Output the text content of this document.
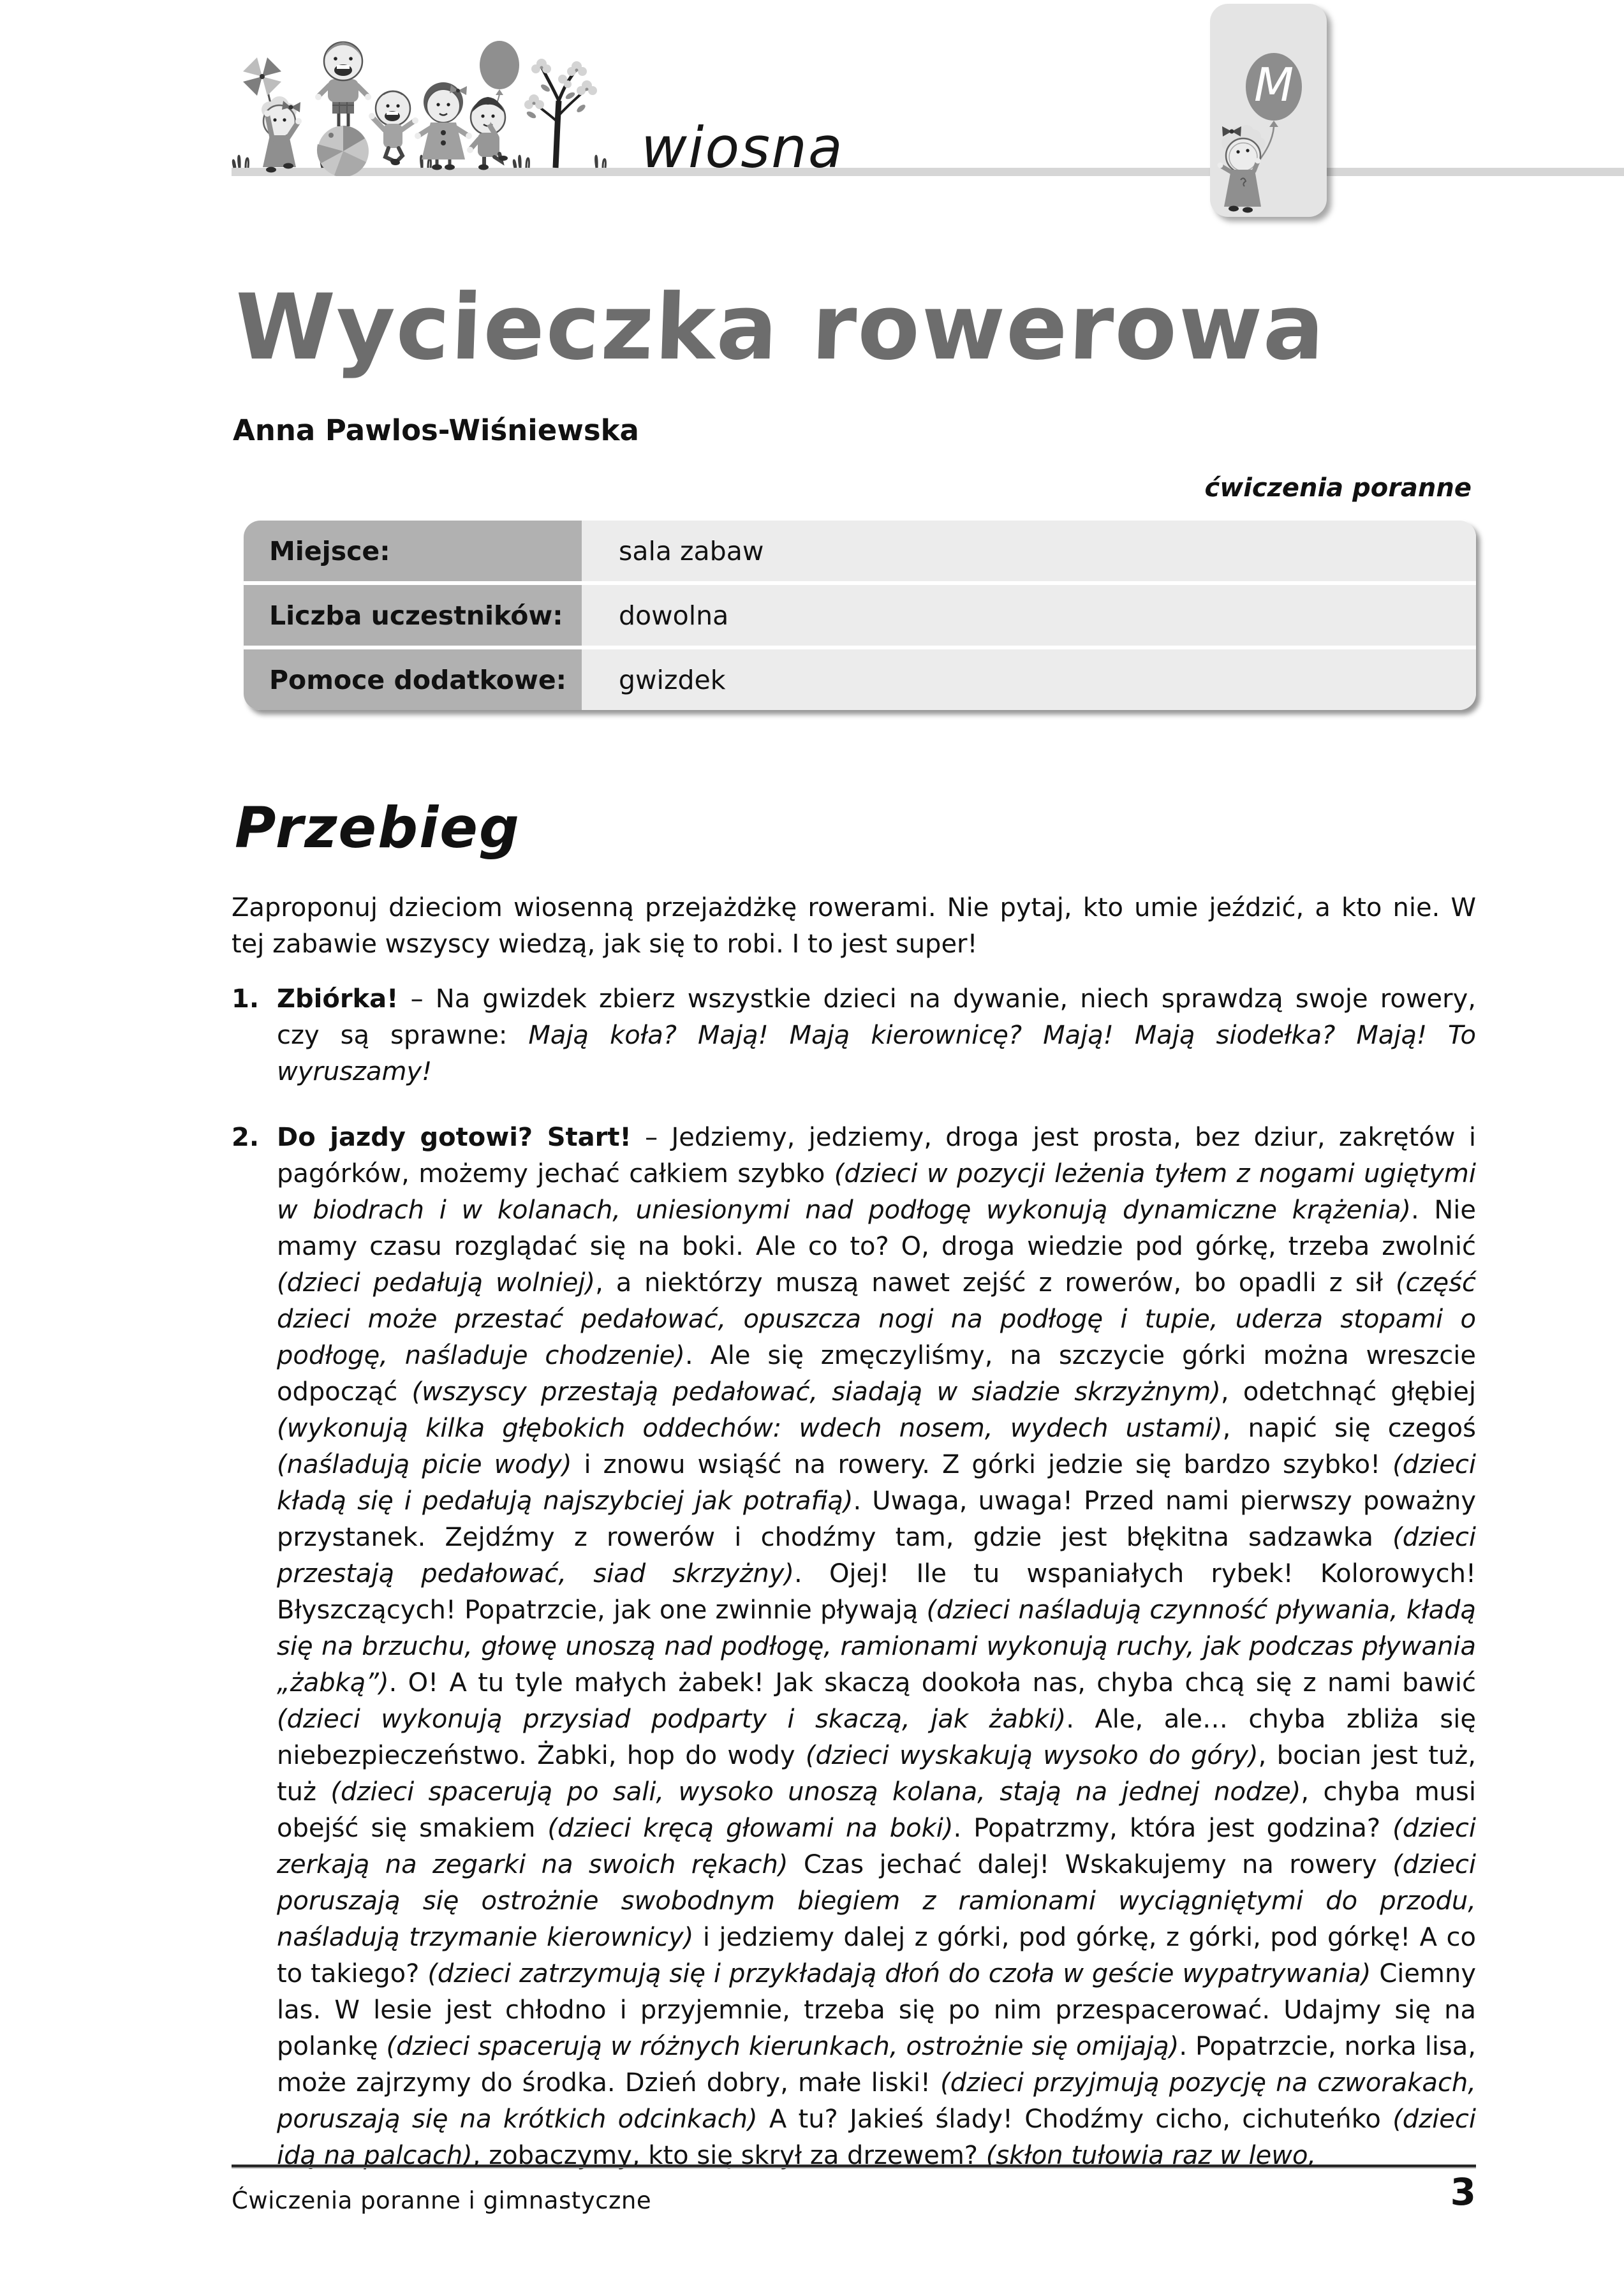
wiosna
M
Wycieczka rowerowa
Anna Pawlos-Wiśniewska
ćwiczenia poranne
Miejsce:	sala zabaw
Liczba uczestników:	dowolna
Pomoce dodatkowe:	gwizdek
Przebieg

Zaproponuj dzieciom wiosenną przejażdżkę rowerami. Nie pytaj, kto umie jeździć, a kto nie. W tej zabawie wszyscy wiedzą, jak się to robi. I to jest super!

1. Zbiórka! – Na gwizdek zbierz wszystkie dzieci na dywanie, niech sprawdzą swoje rowery, czy są sprawne: Mają koła? Mają! Mają kierownicę? Mają! Mają siodełka? Mają! To wyruszamy!
2. Do jazdy gotowi? Start! – Jedziemy, jedziemy, droga jest prosta, bez dziur, zakrętów i pagórków, możemy jechać całkiem szybko (dzieci w pozycji leżenia tyłem z nogami ugiętymi w biodrach i w kolanach, uniesionymi nad podłogę wykonują dynamiczne krążenia). Nie mamy czasu rozglądać się na boki. Ale co to? O, droga wiedzie pod górkę, trzeba zwolnić (dzieci pedałują wolniej), a niektórzy muszą nawet zejść z rowerów, bo opadli z sił (część dzieci może przestać pedałować, opuszcza nogi na podłogę i tupie, uderza stopami o podłogę, naśladuje chodzenie). Ale się zmęczyliśmy, na szczycie górki można wreszcie odpocząć (wszyscy przestają pedałować, siadają w siadzie skrzyżnym), odetchnąć głębiej (wykonują kilka głębokich oddechów: wdech nosem, wydech ustami), napić się czegoś (naśladują picie wody) i znowu wsiąść na rowery. Z górki jedzie się bardzo szybko! (dzieci kładą się i pedałują najszybciej jak potrafią). Uwaga, uwaga! Przed nami pierwszy poważny przystanek. Zejdźmy z rowerów i chodźmy tam, gdzie jest błękitna sadzawka (dzieci przestają pedałować, siad skrzyżny). Ojej! Ile tu wspaniałych rybek! Kolorowych! Błyszczących! Popatrzcie, jak one zwinnie pływają (dzieci naśladują czynność pływania, kładą się na brzuchu, głowę unoszą nad podłogę, ramionami wykonują ruchy, jak podczas pływania „żabką”). O! A tu tyle małych żabek! Jak skaczą dookoła nas, chyba chcą się z nami bawić (dzieci wykonują przysiad podparty i skaczą, jak żabki). Ale, ale… chyba zbliża się niebezpieczeństwo. Żabki, hop do wody (dzieci wyskakują wysoko do góry), bocian jest tuż, tuż (dzieci spacerują po sali, wysoko unoszą kolana, stają na jednej nodze), chyba musi obejść się smakiem (dzieci kręcą głowami na boki). Popatrzmy, która jest godzina? (dzieci zerkają na zegarki na swoich rękach) Czas jechać dalej! Wskakujemy na rowery (dzieci poruszają się ostrożnie swobodnym biegiem z ramionami wyciągniętymi do przodu, naśladują trzymanie kierownicy) i jedziemy dalej z górki, pod górkę, z górki, pod górkę! A co to takiego? (dzieci zatrzymują się i przykładają dłoń do czoła w geście wypatrywania) Ciemny las. W lesie jest chłodno i przyjemnie, trzeba się po nim przespacerować. Udajmy się na polankę (dzieci spacerują w różnych kierunkach, ostrożnie się omijają). Popatrzcie, norka lisa, może zajrzymy do środka. Dzień dobry, małe liski! (dzieci przyjmują pozycję na czworakach, poruszają się na krótkich odcinkach) A tu? Jakieś ślady! Chodźmy cicho, cichuteńko (dzieci idą na palcach), zobaczymy, kto się skrył za drzewem? (skłon tułowia raz w lewo,
Ćwiczenia poranne i gimnastyczne	3
